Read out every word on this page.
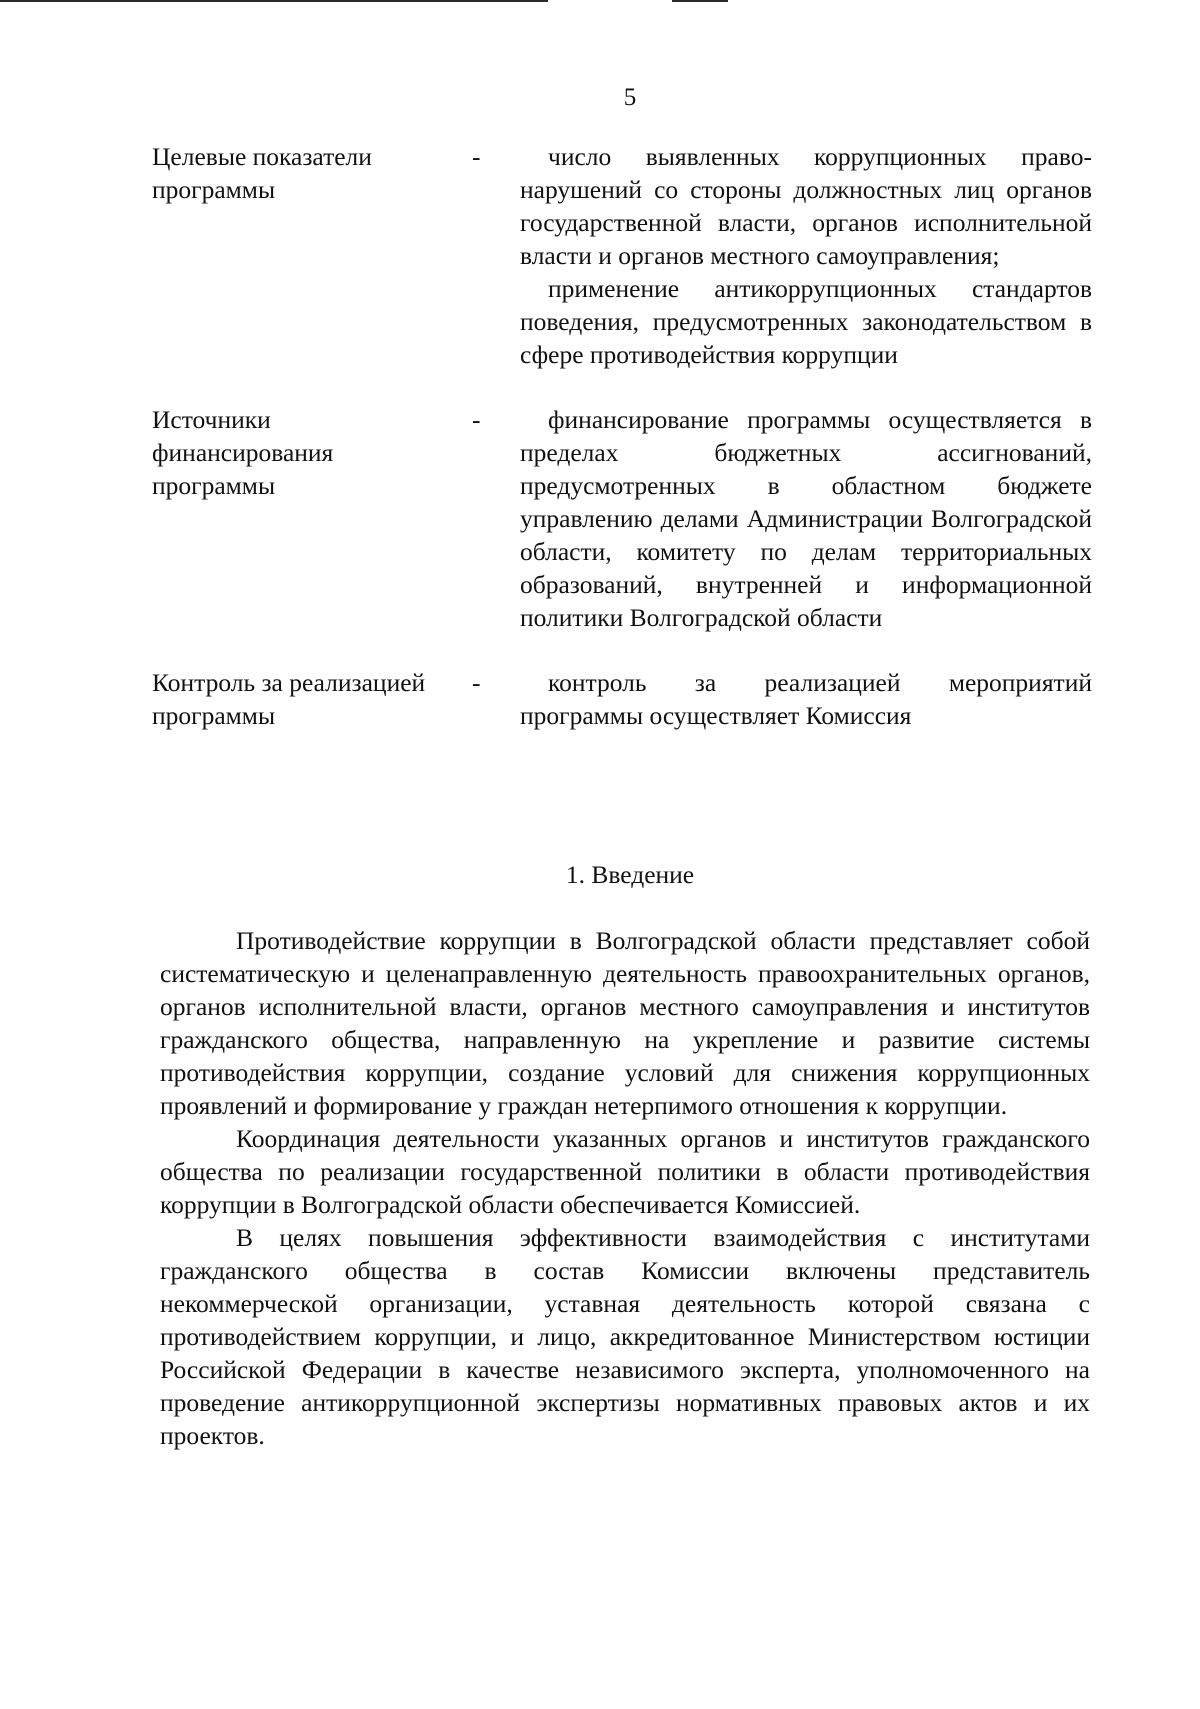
5
Целевые показатели
программы
-	число выявленных коррупционных правонарушений со стороны должностных лиц органов государственной власти, органов исполнительной власти и органов местного самоуправления;

применение антикоррупционных стандартов поведения, предусмотренных законодательством в сфере противодействия коррупции

Источники
финансирования
программы
-	финансирование программы осуществляется в пределах бюджетных ассигнований, предусмотренных в областном бюджете управлению делами Администрации Волгоградской области, комитету по делам территориальных образований, внутренней и информационной политики Волгоградской области

Контроль за реализацией
программы
-	контроль за реализацией мероприятий программы осуществляет Комиссия

1. Введение

Противодействие коррупции в Волгоградской области представляет собой систематическую и целенаправленную деятельность правоохранительных органов, органов исполнительной власти, органов местного самоуправления и институтов гражданского общества, направленную на укрепление и развитие системы противодействия коррупции, создание условий для снижения коррупционных проявлений и формирование у граждан нетерпимого отношения к коррупции.

Координация деятельности указанных органов и институтов гражданского общества по реализации государственной политики в области противодействия коррупции в Волгоградской области обеспечивается Комиссией.

В целях повышения эффективности взаимодействия с институтами гражданского общества в состав Комиссии включены представитель некоммерческой организации, уставная деятельность которой связана с противодействием коррупции, и лицо, аккредитованное Министерством юстиции Российской Федерации в качестве независимого эксперта, уполномоченного на проведение антикоррупционной экспертизы нормативных правовых актов и их проектов.
